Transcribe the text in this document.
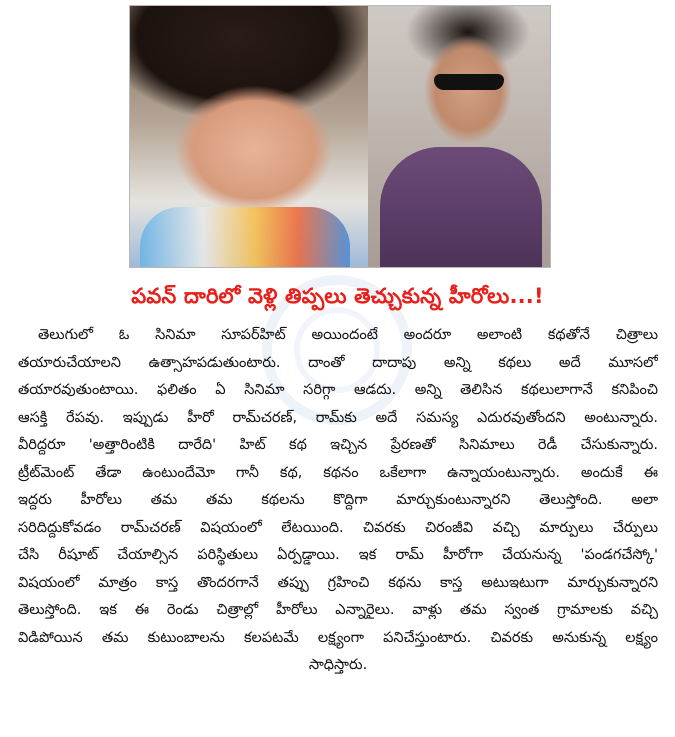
పవన్ దారిలో వెళ్లి తిప్పలు తెచ్చుకున్న హీరోలు...!
తెలుగులో ఓ సినిమా సూపర్‌హిట్ అయిందంటే అందరూ అలాంటి కథతోనే చిత్రాలు
తయారుచేయాలని ఉత్సాహపడుతుంటారు. దాంతో దాదాపు అన్ని కథలు అదే మూసలో
తయారవుతుంటాయి. ఫలితం ఏ సినిమా సరిగ్గా ఆడదు. అన్ని తెలిసిన కథలులాగానే కనిపించి
ఆసక్తి రేపవు. ఇప్పుడు హీరో రామ్‌చరణ్, రామ్‌కు అదే సమస్య ఎదురవుతోందని అంటున్నారు.
వీరిద్దరూ 'అత్తారింటికి దారేది' హిట్ కథ ఇచ్చిన ప్రేరణతో సినిమాలు రెడీ చేసుకున్నారు.
ట్రీట్‌మెంట్ తేడా ఉంటుందేమో గానీ కథ, కథనం ఒకేలాగా ఉన్నాయంటున్నారు. అందుకే ఈ
ఇద్దరు హీరోలు తమ తమ కథలను కొద్దిగా మార్చుకుంటున్నారని తెలుస్తోంది. అలా
సరిదిద్దుకోవడం రామ్‌చరణ్ విషయంలో లేటయింది. చివరకు చిరంజీవి వచ్చి మార్పులు చేర్పులు
చేసి రీషూట్ చేయాల్సిన పరిస్థితులు ఏర్పడ్డాయి. ఇక రామ్ హీరోగా చేయనున్న 'పండగచేస్కో'
విషయంలో మాత్రం కాస్త తొందరగానే తప్పు గ్రహించి కథను కాస్త అటుఇటుగా మార్చుకున్నారని
తెలుస్తోంది. ఇక ఈ రెండు చిత్రాల్లో హీరోలు ఎన్నారైలు. వాళ్లు తమ స్వంత గ్రామాలకు వచ్చి
విడిపోయిన తమ కుటుంబాలను కలపటమే లక్ష్యంగా పనిచేస్తుంటారు. చివరకు అనుకున్న లక్ష్యం
సాధిస్తారు.
